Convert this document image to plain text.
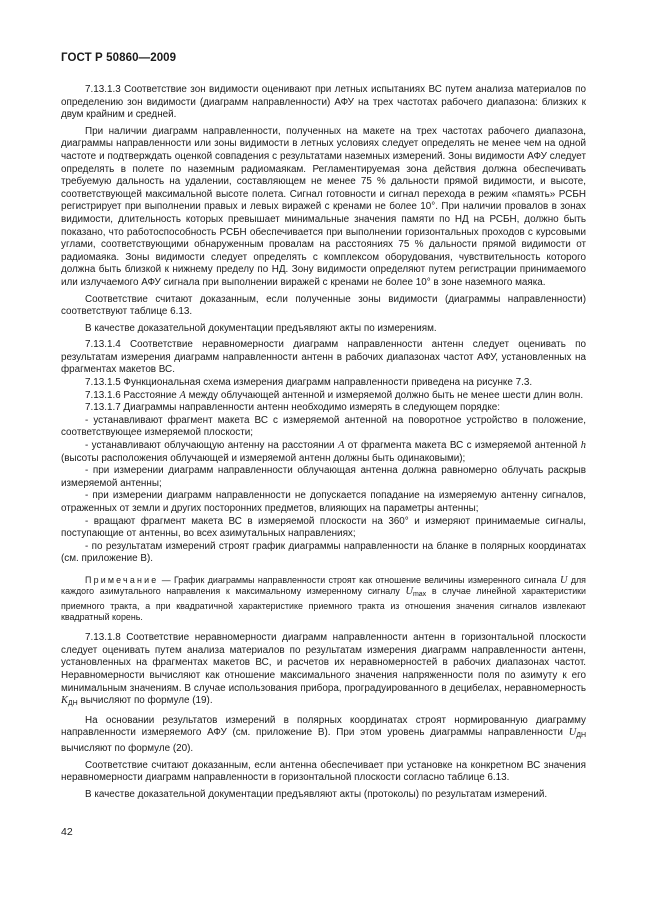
ГОСТ Р 50860—2009

7.13.1.3 Соответствие зон видимости оценивают при летных испытаниях ВС путем анализа материалов по определению зон видимости (диаграмм направленности) АФУ на трех частотах рабочего диапазона: близких к двум крайним и средней.

При наличии диаграмм направленности, полученных на макете на трех частотах рабочего диапазона, диаграммы направленности или зоны видимости в летных условиях следует определять не менее чем на одной частоте и подтверждать оценкой совпадения с результатами наземных измерений. Зоны видимости АФУ следует определять в полете по наземным радиомаякам. Регламентируемая зона действия должна обеспечивать требуемую дальность на удалении, составляющем не менее 75 % дальности прямой видимости, и высоте, соответствующей максимальной высоте полета. Сигнал готовности и сигнал перехода в режим «память» РСБН регистрирует при выполнении правых и левых виражей с кренами не более 10°. При наличии провалов в зонах видимости, длительность которых превышает минимальные значения памяти по НД на РСБН, должно быть показано, что работоспособность РСБН обеспечивается при выполнении горизонтальных проходов с курсовыми углами, соответствующими обнаруженным провалам на расстояниях 75 % дальности прямой видимости от радиомаяка. Зоны видимости следует определять с комплексом оборудования, чувствительность которого должна быть близкой к нижнему пределу по НД. Зону видимости определяют путем регистрации принимаемого или излучаемого АФУ сигнала при выполнении виражей с кренами не более 10° в зоне наземного маяка.

Соответствие считают доказанным, если полученные зоны видимости (диаграммы направленности) соответствуют таблице 6.13.

В качестве доказательной документации предъявляют акты по измерениям.

7.13.1.4 Соответствие неравномерности диаграмм направленности антенн следует оценивать по результатам измерения диаграмм направленности антенн в рабочих диапазонах частот АФУ, установленных на фрагментах макетов ВС.

7.13.1.5 Функциональная схема измерения диаграмм направленности приведена на рисунке 7.3.

7.13.1.6 Расстояние А между облучающей антенной и измеряемой должно быть не менее шести длин волн.

7.13.1.7 Диаграммы направленности антенн необходимо измерять в следующем порядке:

- устанавливают фрагмент макета ВС с измеряемой антенной на поворотное устройство в положение, соответствующее измеряемой плоскости;

- устанавливают облучающую антенну на расстоянии А от фрагмента макета ВС с измеряемой антенной h (высоты расположения облучающей и измеряемой антенн должны быть одинаковыми);

- при измерении диаграмм направленности облучающая антенна должна равномерно облучать раскрыв измеряемой антенны;

- при измерении диаграмм направленности не допускается попадание на измеряемую антенну сигналов, отраженных от земли и других посторонних предметов, влияющих на параметры антенны;

- вращают фрагмент макета ВС в измеряемой плоскости на 360° и измеряют принимаемые сигналы, поступающие от антенны, во всех азимутальных направлениях;

- по результатам измерений строят график диаграммы направленности на бланке в полярных координатах (см. приложение В).

Примечание — График диаграммы направленности строят как отношение величины измеренного сигнала U для каждого азимутального направления к максимальному измеренному сигналу $U_{max}$ в случае линейной характеристики приемного тракта, а при квадратичной характеристике приемного тракта из отношения значения сигналов извлекают квадратный корень.

7.13.1.8 Соответствие неравномерности диаграмм направленности антенн в горизонтальной плоскости следует оценивать путем анализа материалов по результатам измерения диаграмм направленности антенн, установленных на фрагментах макетов ВС, и расчетов их неравномерностей в рабочих диапазонах частот. Неравномерности вычисляют как отношение максимального значения напряженности поля по азимуту к его минимальным значениям. В случае использования прибора, проградуированного в децибелах, неравномерность $К_{ДН}$ вычисляют по формуле (19).

На основании результатов измерений в полярных координатах строят нормированную диаграмму направленности измеряемого АФУ (см. приложение В). При этом уровень диаграммы направленности $U_{ДН}$ вычисляют по формуле (20).

Соответствие считают доказанным, если антенна обеспечивает при установке на конкретном ВС значения неравномерности диаграмм направленности в горизонтальной плоскости согласно таблице 6.13.

В качестве доказательной документации предъявляют акты (протоколы) по результатам измерений.

42
